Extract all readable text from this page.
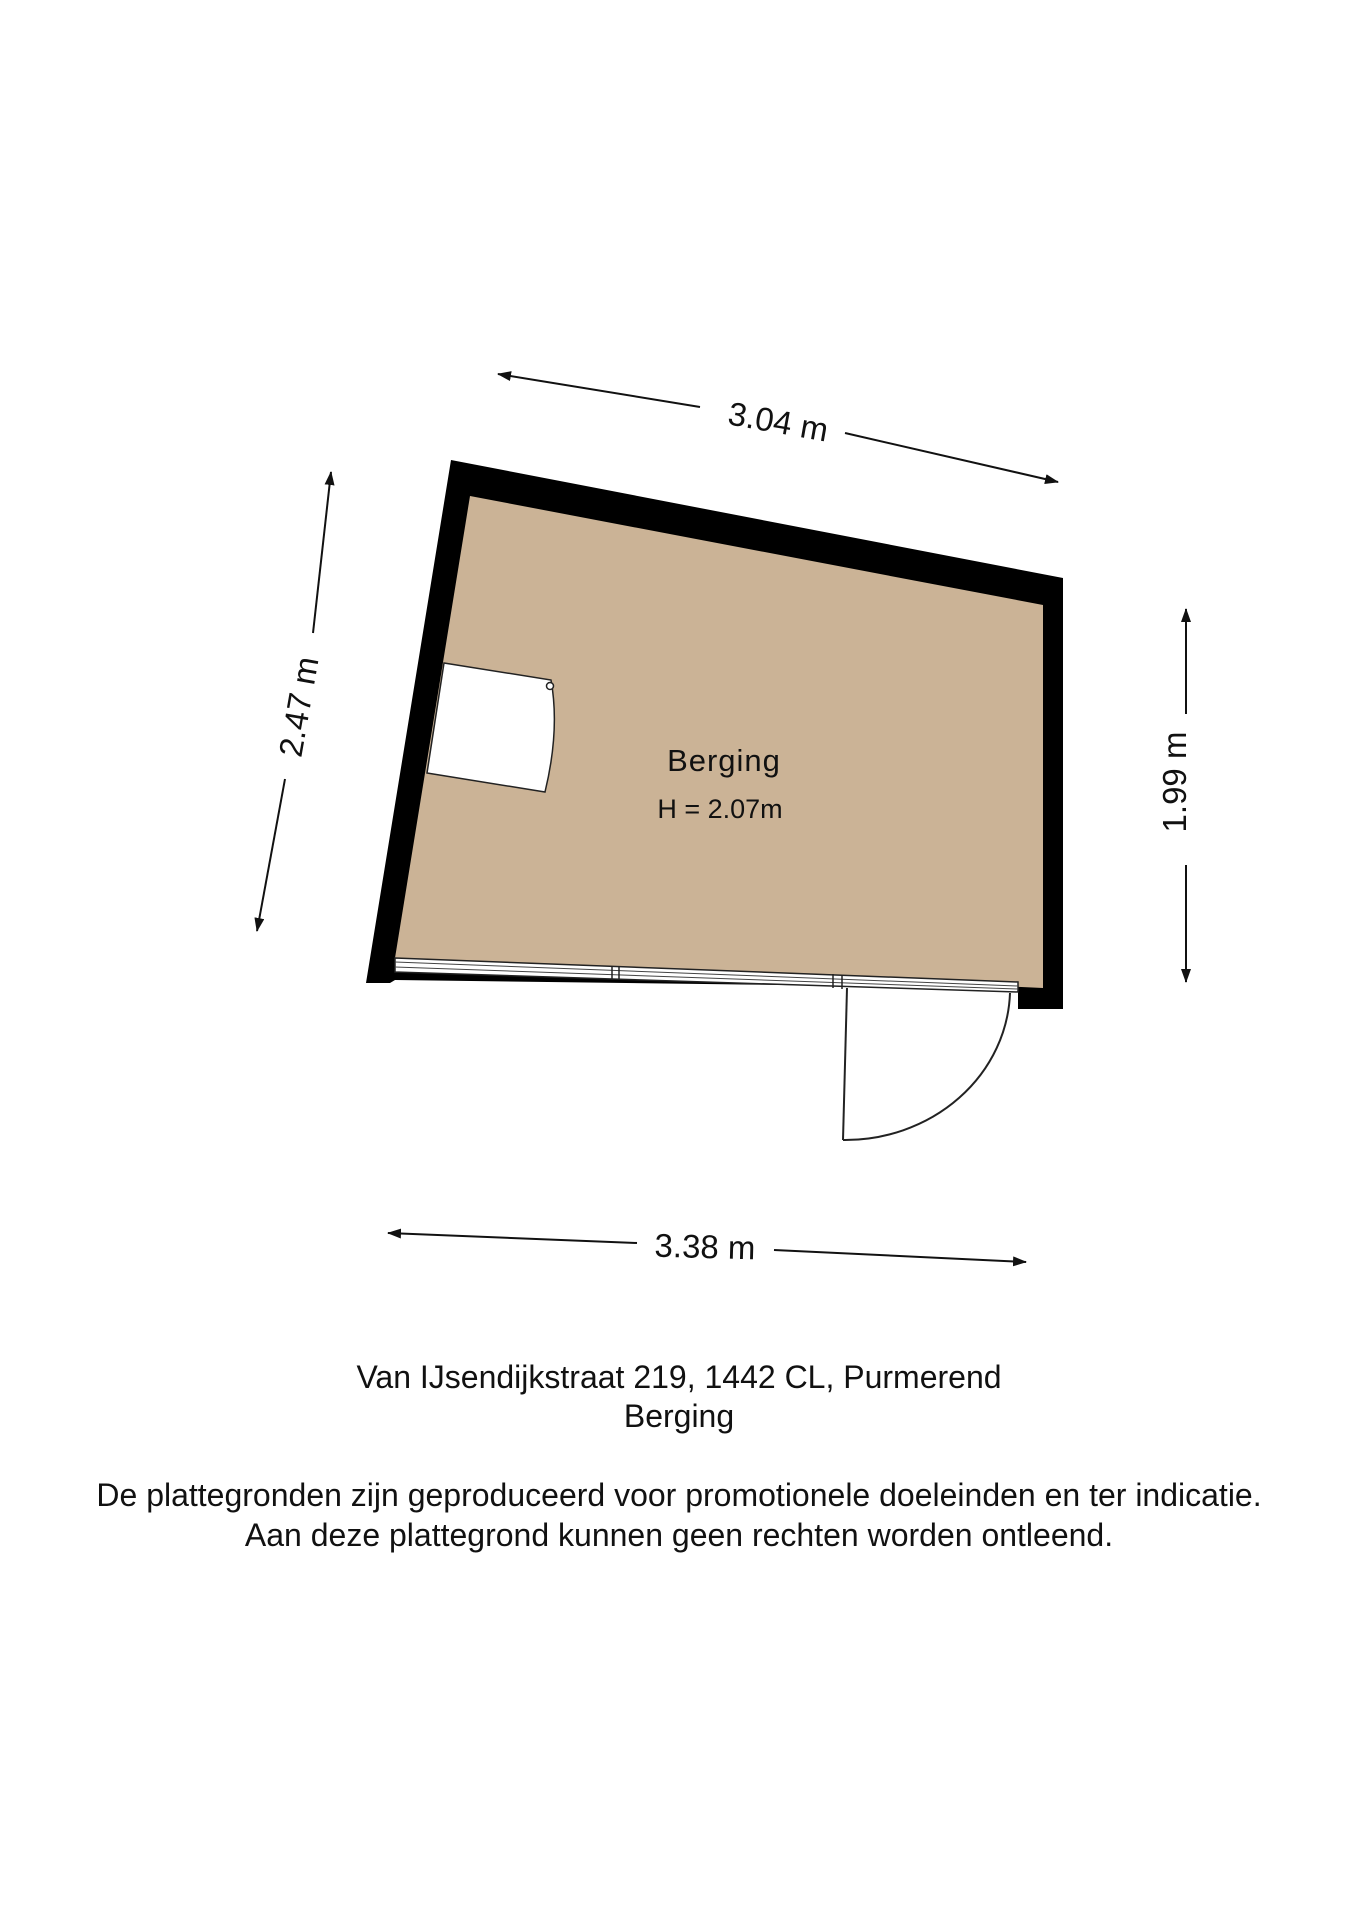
Berging
H = 2.07m
3.04 m
2.47 m
1.99 m
3.38 m
Van IJsendijkstraat 219, 1442 CL, Purmerend
Berging
De plattegronden zijn geproduceerd voor promotionele doeleinden en ter indicatie.
Aan deze plattegrond kunnen geen rechten worden ontleend.
